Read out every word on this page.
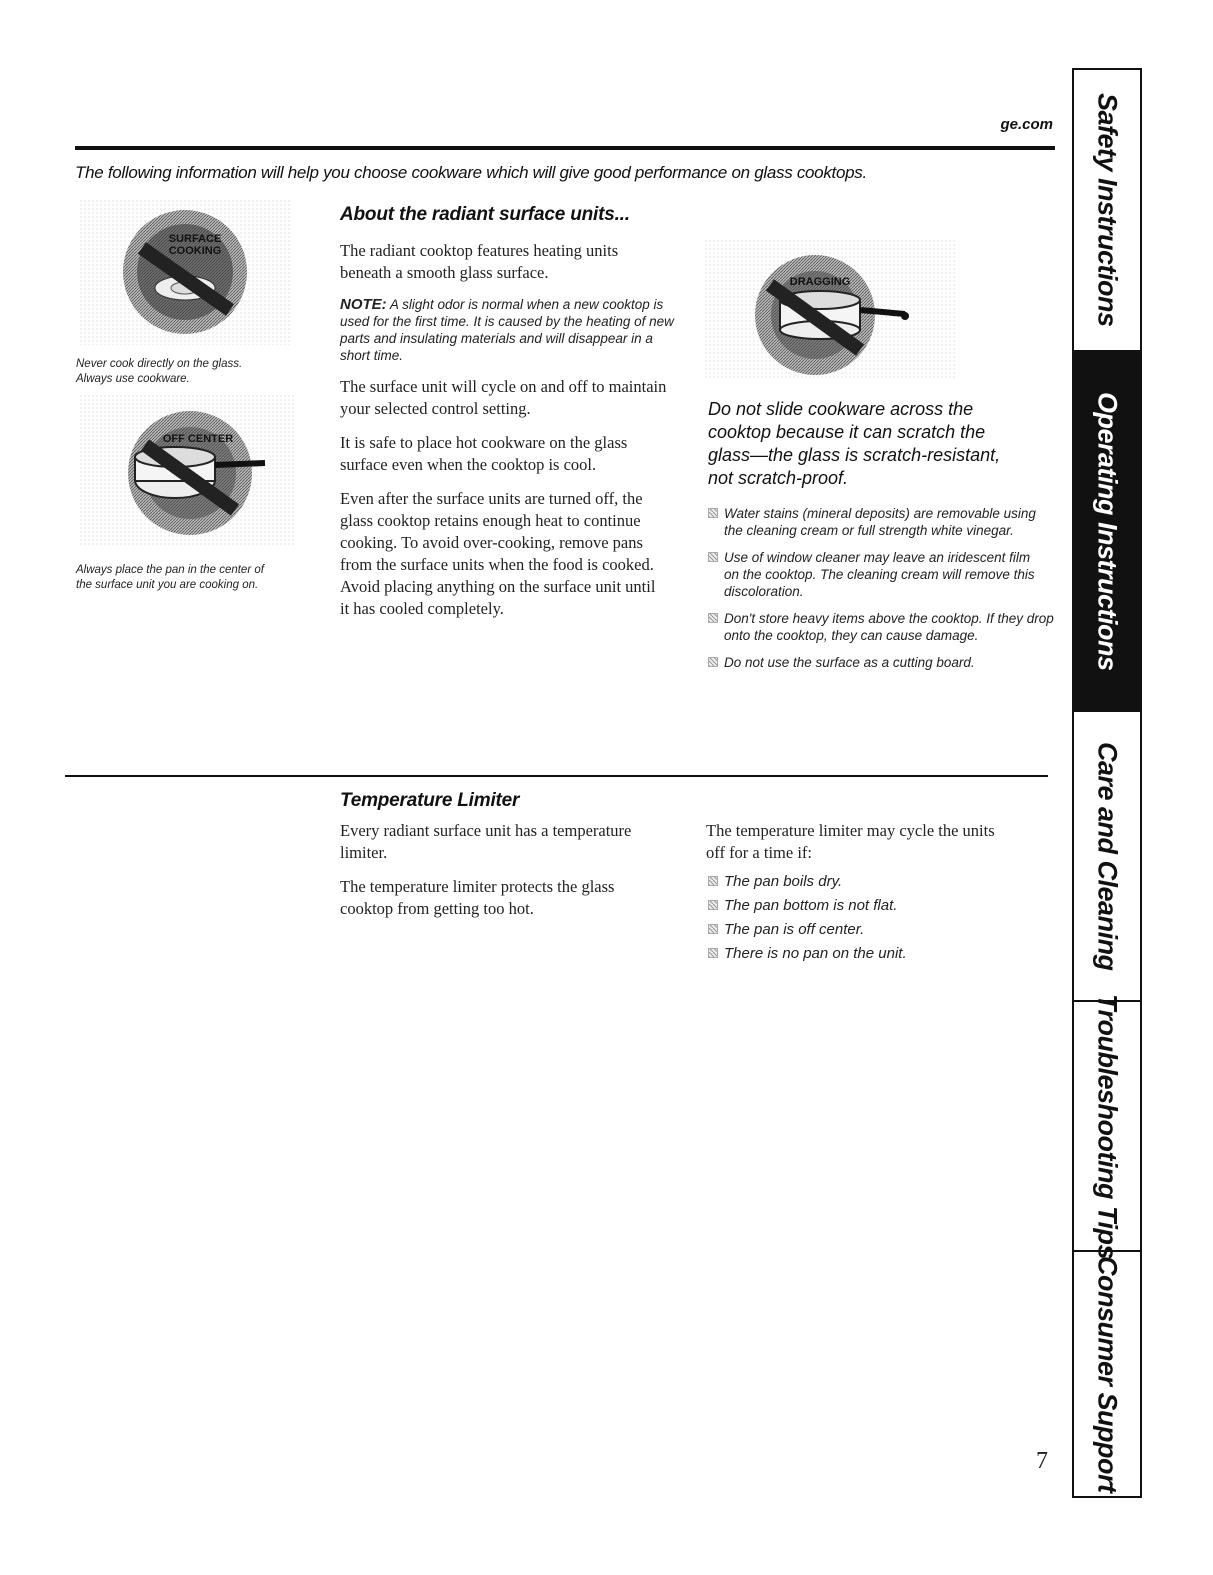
ge.com
The following information will help you choose cookware which will give good performance on glass cooktops.
SURFACE
COOKING
Never cook directly on the glass.
Always use cookware.
OFF CENTER
Always place the pan in the center of
the surface unit you are cooking on.
About the radiant surface units...

The radiant cooktop features heating units beneath a smooth glass surface.

NOTE: A slight odor is normal when a new cooktop is used for the first time. It is caused by the heating of new parts and insulating materials and will disappear in a short time.

The surface unit will cycle on and off to maintain your selected control setting.

It is safe to place hot cookware on the glass surface even when the cooktop is cool.

Even after the surface units are turned off, the glass cooktop retains enough heat to continue cooking. To avoid over-cooking, remove pans from the surface units when the food is cooked. Avoid placing anything on the surface unit until it has cooled completely.

DRAGGING
Do not slide cookware across the cooktop because it can scratch the glass—the glass is scratch-resistant, not scratch-proof.
Water stains (mineral deposits) are removable using the cleaning cream or full strength white vinegar.
Use of window cleaner may leave an iridescent film on the cooktop. The cleaning cream will remove this discoloration.
Don't store heavy items above the cooktop. If they drop onto the cooktop, they can cause damage.
Do not use the surface as a cutting board.
Temperature Limiter

Every radiant surface unit has a temperature limiter.

The temperature limiter protects the glass cooktop from getting too hot.

The temperature limiter may cycle the units off for a time if:

The pan boils dry.
The pan bottom is not flat.
The pan is off center.
There is no pan on the unit.
7
Safety Instructions
Operating Instructions
Care and Cleaning
Troubleshooting Tips
Consumer Support
